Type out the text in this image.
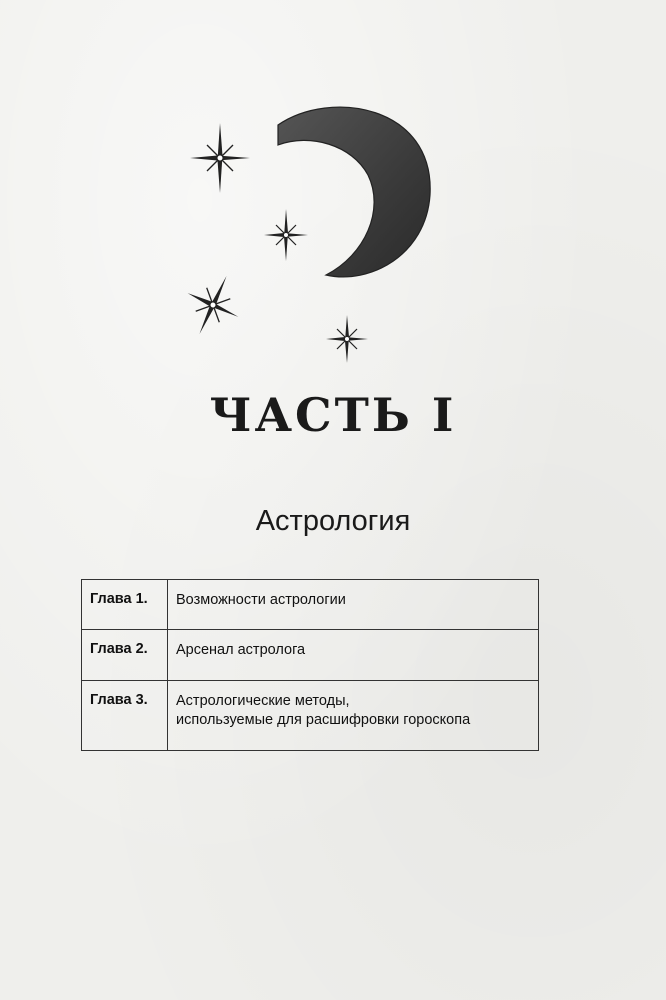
ЧАСТЬ I
Астрология
Глава 1.	Возможности астрологии
Глава 2.	Арсенал астролога
Глава 3.	Астрологические методы,
используемые для расшифровки гороскопа
